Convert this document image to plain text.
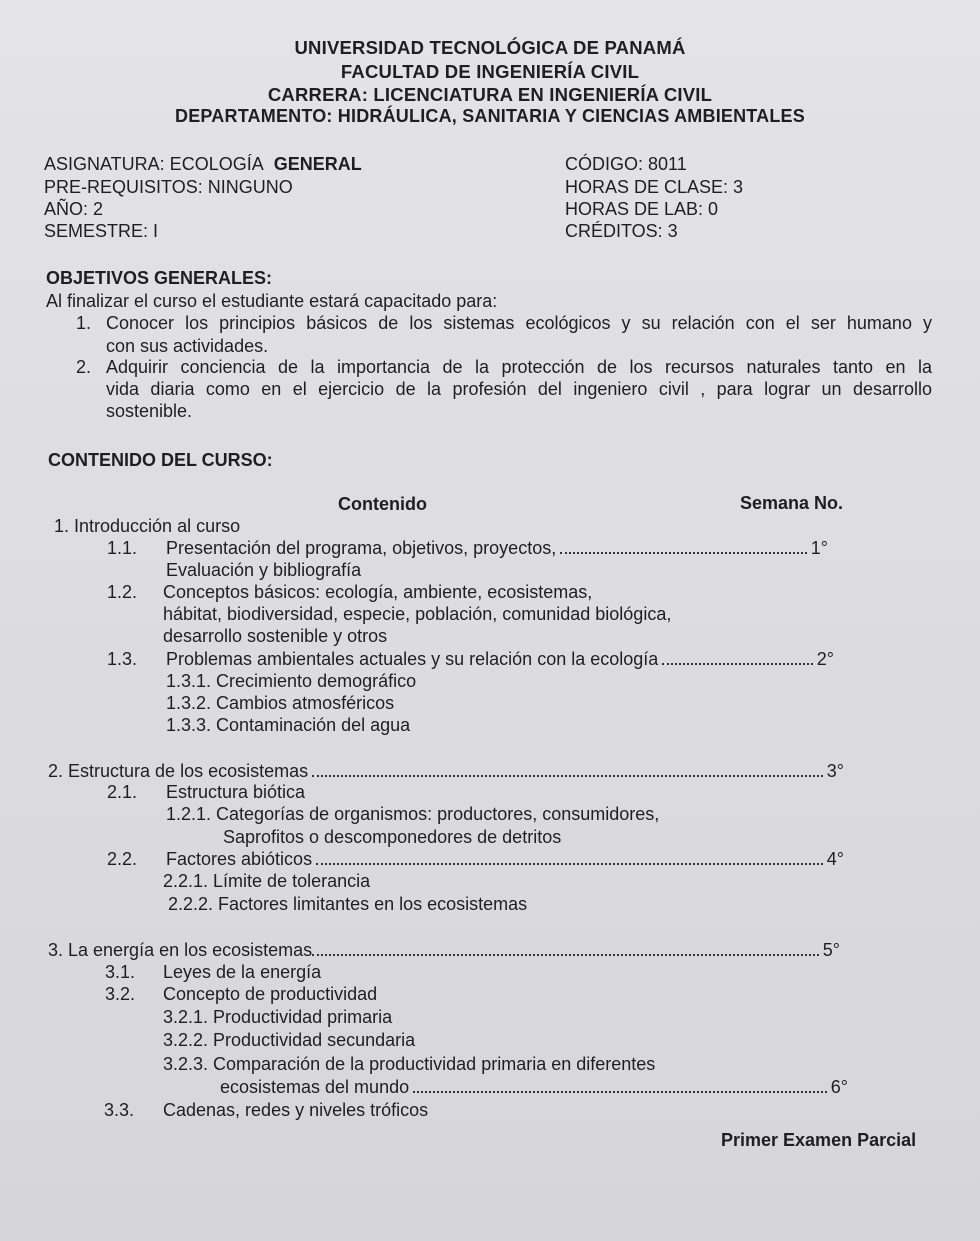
UNIVERSIDAD TECNOLÓGICA DE PANAMÁ
FACULTAD DE INGENIERÍA CIVIL
CARRERA: LICENCIATURA EN INGENIERÍA CIVIL
DEPARTAMENTO: HIDRÁULICA, SANITARIA Y CIENCIAS AMBIENTALES
ASIGNATURA: ECOLOGÍA GENERAL
PRE-REQUISITOS: NINGUNO
AÑO: 2
SEMESTRE: I
CÓDIGO: 8011
HORAS DE CLASE: 3
HORAS DE LAB: 0
CRÉDITOS: 3
OBJETIVOS GENERALES:
Al finalizar el curso el estudiante estará capacitado para:
1. Conocer los principios básicos de los sistemas ecológicos y su relación con el ser humano y
con sus actividades.
2. Adquirir conciencia de la importancia de la protección de los recursos naturales tanto en la
vida diaria como en el ejercicio de la profesión del ingeniero civil , para lograr un desarrollo
sostenible.
CONTENIDO DEL CURSO:
Contenido	Semana No.
1. Introducción al curso
1.1. Presentación del programa, objetivos, proyectos,	1°
Evaluación y bibliografía
1.2. Conceptos básicos: ecología, ambiente, ecosistemas,
hábitat, biodiversidad, especie, población, comunidad biológica,
desarrollo sostenible y otros
1.3. Problemas ambientales actuales y su relación con la ecología	2°
1.3.1. Crecimiento demográfico
1.3.2. Cambios atmosféricos
1.3.3. Contaminación del agua
2. Estructura de los ecosistemas	3°
2.1. Estructura biótica
1.2.1. Categorías de organismos: productores, consumidores,
Saprofitos o descomponedores de detritos
2.2. Factores abióticos	4°
2.2.1. Límite de tolerancia
2.2.2. Factores limitantes en los ecosistemas
3. La energía en los ecosistemas	5°
3.1. Leyes de la energía
3.2. Concepto de productividad
3.2.1. Productividad primaria
3.2.2. Productividad secundaria
3.2.3. Comparación de la productividad primaria en diferentes
ecosistemas del mundo	6°
3.3. Cadenas, redes y niveles tróficos
Primer Examen Parcial
